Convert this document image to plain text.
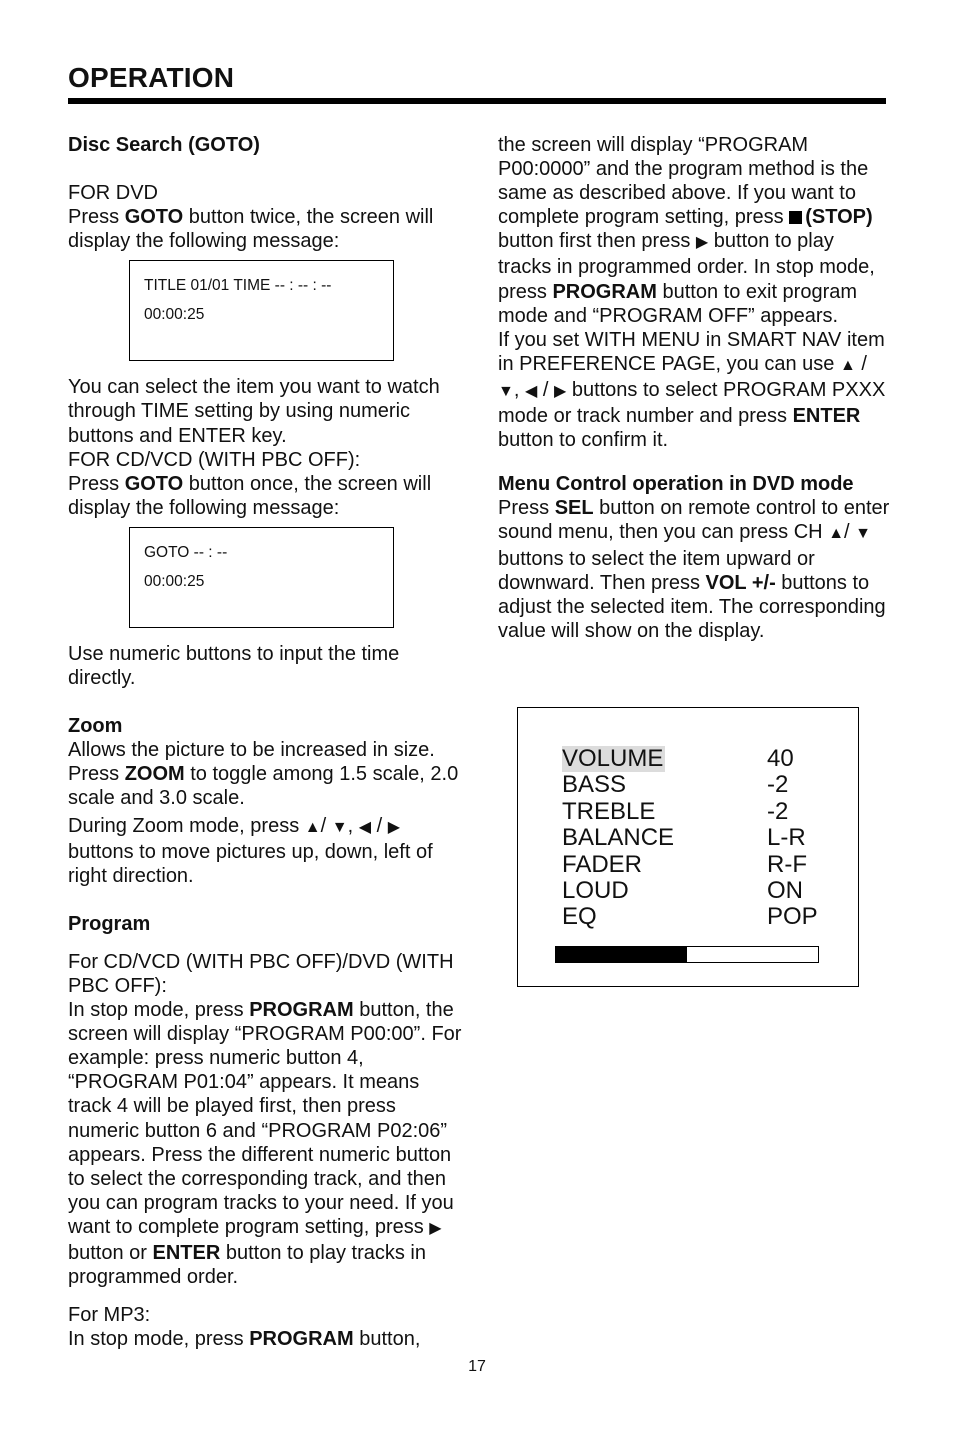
OPERATION

Disc Search (GOTO)

FOR DVD

Press GOTO button twice, the screen will display the following message:

TITLE 01/01 TIME -- : -- : --
00:00:25

You can select the item you want to watch through TIME setting by using numeric buttons and ENTER key.

FOR CD/VCD (WITH PBC OFF):

Press GOTO button once, the screen will display the following message:

GOTO -- : --
00:00:25

Use numeric buttons to input the time directly.

Zoom

Allows the picture to be increased in size.

Press ZOOM to toggle among 1.5 scale, 2.0 scale and 3.0 scale.

During Zoom mode, press ▲/ ▼, ◀ / ▶ buttons to move pictures up, down, left of right direction.

Program

For CD/VCD (WITH PBC OFF)/DVD (WITH PBC OFF):

In stop mode, press PROGRAM button, the screen will display “PROGRAM P00:00”. For example: press numeric button 4, “PROGRAM P01:04” appears. It means track 4 will be played first, then press numeric button 6 and “PROGRAM P02:06” appears. Press the different numeric button to select the corresponding track, and then you can program tracks to your need. If you want to complete program setting, press ▶ button or ENTER button to play tracks in programmed order.

For MP3:

In stop mode, press PROGRAM button,

the screen will display “PROGRAM P00:0000” and the program method is the same as described above. If you want to complete program setting, press (STOP) button first then press ▶ button to play tracks in programmed order. In stop mode, press PROGRAM button to exit program mode and “PROGRAM OFF” appears.

If you set WITH MENU in SMART NAV item in PREFERENCE PAGE, you can use ▲ / ▼, ◀ / ▶ buttons to select PROGRAM PXXX mode or track number and press ENTER button to confirm it.

Menu Control operation in DVD mode

Press SEL button on remote control to enter sound menu, then you can press CH ▲/ ▼ buttons to select the item upward or downward. Then press VOL +/- buttons to adjust the selected item. The corresponding value will show on the display.

VOLUME	40
BASS	-2
TREBLE	-2
BALANCE	L-R
FADER	R-F
LOUD	ON
EQ	POP
17
